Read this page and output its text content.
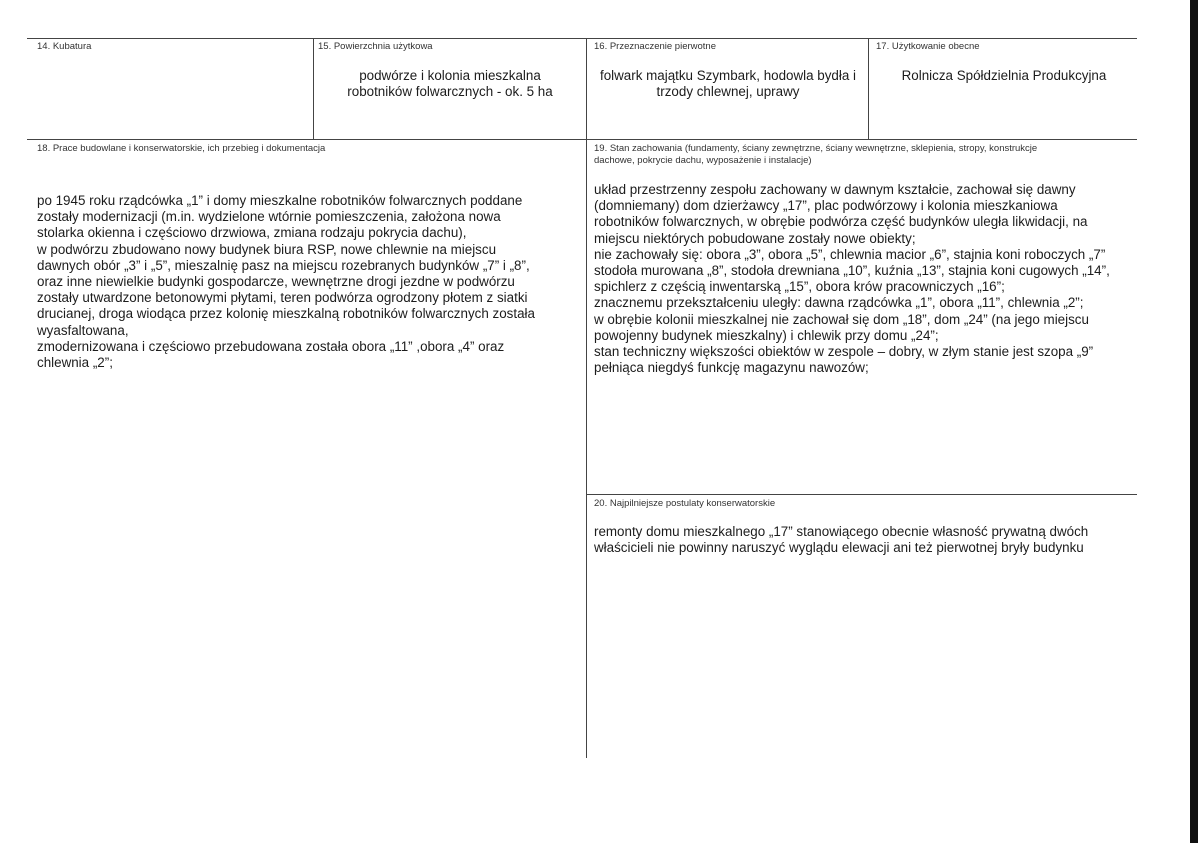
14. Kubatura	15. Powierzchnia użytkowa
podwórze i kolonia mieszkalna
robotników folwarcznych - ok. 5 ha
16. Przeznaczenie pierwotne
folwark majątku Szymbark, hodowla bydła i
trzody chlewnej, uprawy
17. Użytkowanie obecne
Rolnicza Spółdzielnia Produkcyjna
18. Prace budowlane i konserwatorskie, ich przebieg i dokumentacja
po 1945 roku rządcówka „1” i domy mieszkalne robotników folwarcznych poddane
zostały modernizacji (m.in. wydzielone wtórnie pomieszczenia, założona nowa
stolarka okienna i częściowo drzwiowa, zmiana rodzaju pokrycia dachu),
w podwórzu zbudowano nowy budynek biura RSP, nowe chlewnie na miejscu
dawnych obór „3” i „5”, mieszalnię pasz na miejscu rozebranych budynków „7” i „8”,
oraz inne niewielkie budynki gospodarcze, wewnętrzne drogi jezdne w podwórzu
zostały utwardzone betonowymi płytami, teren podwórza ogrodzony płotem z siatki
drucianej, droga wiodąca przez kolonię mieszkalną robotników folwarcznych została
wyasfaltowana,
zmodernizowana i częściowo przebudowana została obora „11” ,obora „4” oraz
chlewnia „2”;
19. Stan zachowania (fundamenty, ściany zewnętrzne, ściany wewnętrzne, sklepienia, stropy, konstrukcje
dachowe, pokrycie dachu, wyposażenie i instalacje)
układ przestrzenny zespołu zachowany w dawnym kształcie, zachował się dawny
(domniemany) dom dzierżawcy „17”, plac podwórzowy i kolonia mieszkaniowa
robotników folwarcznych, w obrębie podwórza część budynków uległa likwidacji, na
miejscu niektórych pobudowane zostały nowe obiekty;
nie zachowały się: obora „3”, obora „5”, chlewnia macior „6”, stajnia koni roboczych „7”
stodoła murowana „8”, stodoła drewniana „10”, kuźnia „13”, stajnia koni cugowych „14”,
spichlerz z częścią inwentarską „15”, obora krów pracowniczych „16”;
znacznemu przekształceniu uległy: dawna rządcówka „1”, obora „11”, chlewnia „2”;
w obrębie kolonii mieszkalnej nie zachował się dom „18”, dom „24” (na jego miejscu
powojenny budynek mieszkalny) i chlewik przy domu „24”;
stan techniczny większości obiektów w zespole – dobry, w złym stanie jest szopa „9”
pełniąca niegdyś funkcję magazynu nawozów;
20. Najpilniejsze postulaty konserwatorskie
remonty domu mieszkalnego „17” stanowiącego obecnie własność prywatną dwóch
właścicieli nie powinny naruszyć wyglądu elewacji ani też pierwotnej bryły budynku
